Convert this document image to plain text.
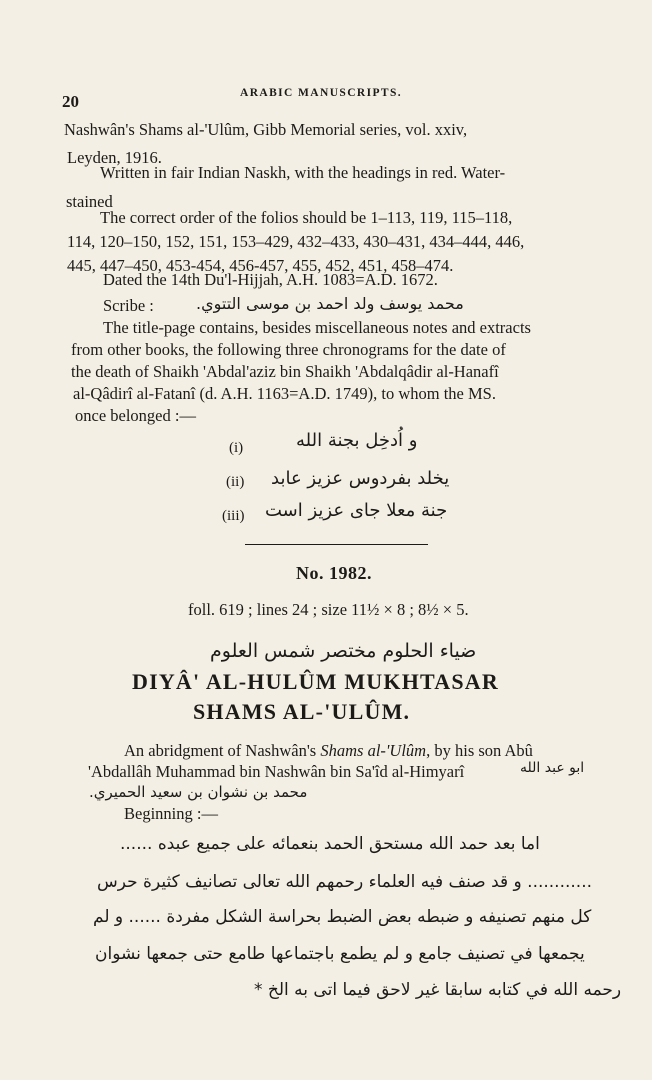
20	ARABIC MANUSCRIPTS.
Nashwân's Shams al-'Ulûm, Gibb Memorial series, vol. xxiv,
Leyden, 1916.
Written in fair Indian Naskh, with the headings in red. Water-
stained
The correct order of the folios should be 1–113, 119, 115–118,
114, 120–150, 152, 151, 153–429, 432–433, 430–431, 434–444, 446,
445, 447–450, 453-454, 456-457, 455, 452, 451, 458–474.
Dated the 14th Du'l-Hijjah, A.H. 1083=A.D. 1672.
Scribe :	محمد يوسف ولد احمد بن موسى التتوي.
The title-page contains, besides miscellaneous notes and extracts
from other books, the following three chronograms for the date of
the death of Shaikh 'Abdal'aziz bin Shaikh 'Abdalqâdir al-Hanafî
al-Qâdirî al-Fatanî (d. A.H. 1163=A.D. 1749), to whom the MS.
once belonged :—
(i)	و اُدخِل بجنة الله
(ii) يخلد بفردوس عزيز عابد
(iii) جنة معلا جاى عزيز است
No. 1982.
foll. 619 ; lines 24 ; size 11½ × 8 ; 8½ × 5.
ضياء الحلوم مختصر شمس العلوم
DIYÂ' AL-HULÛM MUKHTASAR
SHAMS AL-'ULÛM.
An abridgment of Nashwân's Shams al-'Ulûm, by his son Abû
'Abdallâh Muhammad bin Nashwân bin Sa'îd al-Himyarî	ابو عبد الله
محمد بن نشوان بن سعيد الحميري.
Beginning :—
اما بعد حمد الله مستحق الحمد بنعمائه على جميع عبده ......
............ و قد صنف فيه العلماء رحمهم الله تعالى تصانيف كثيرة حرس
كل منهم تصنيفه و ضبطه بعض الضبط بحراسة الشكل مفردة ...... و لم
يجمعها في تصنيف جامع و لم يطمع باجتماعها طامع حتى جمعها نشوان
رحمه الله في كتابه سابقا غير لاحق فيما اتى به الخ *
